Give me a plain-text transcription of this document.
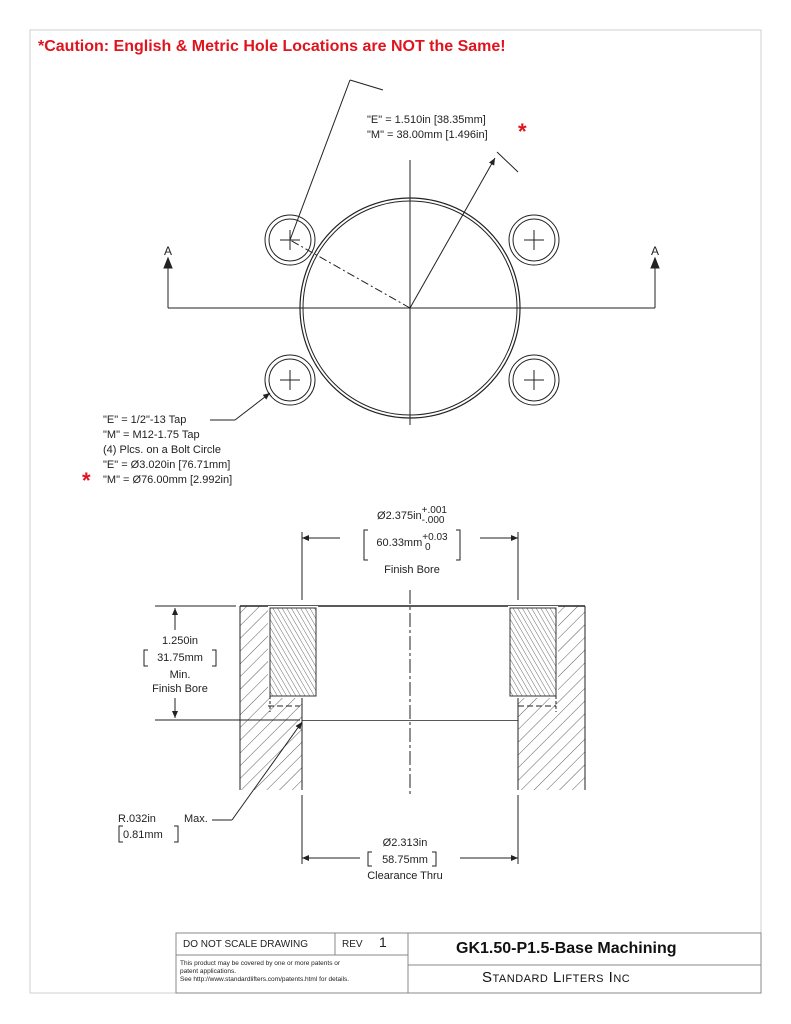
*Caution: English & Metric Hole Locations are NOT the Same!
"E" = 1.510in [38.35mm]
"M" = 38.00mm [1.496in] *
A	A
"E" = 1/2"-13 Tap
"M" = M12-1.75 Tap
(4) Plcs. on a Bolt Circle
"E" = Ø3.020in [76.71mm]
"M" = Ø76.00mm [2.992in]
*
Ø2.375in+.001
-.000
60.33mm+0.03
0
Finish Bore
1.250in
31.75mm
Min.
Finish Bore
R.032in	Max.
0.81mm
Ø2.313in
58.75mm
Clearance Thru
DO NOT SCALE DRAWING	REV 1
This product may be covered by one or more patents or
patent applications.
See http://www.standardlifters.com/patents.html for details.
GK1.50-P1.5-Base Machining
Standard Lifters Inc
